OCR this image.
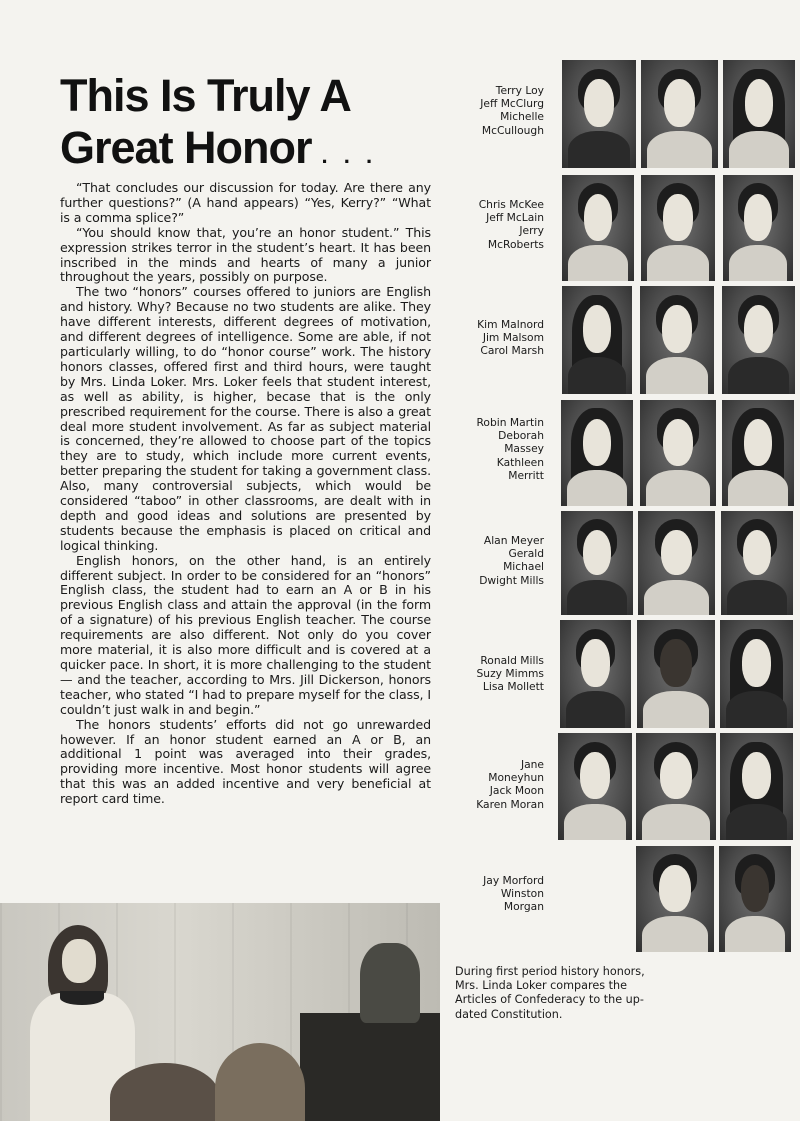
This Is Truly A
Great Honor . . .

“That concludes our discussion for today. Are there any further questions?” (A hand appears) “Yes, Kerry?” “What is a comma splice?”

“You should know that, you’re an honor student.” This expression strikes terror in the student’s heart. It has been inscribed in the minds and hearts of many a junior throughout the years, possibly on purpose.

The two “honors” courses offered to juniors are English and history. Why? Because no two students are alike. They have different interests, different degrees of motivation, and different degrees of intelligence. Some are able, if not particularly willing, to do “honor course” work. The history honors classes, offered first and third hours, were taught by Mrs. Linda Loker. Mrs. Loker feels that student interest, as well as ability, is higher, becase that is the only prescribed requirement for the course. There is also a great deal more student involvement. As far as subject material is concerned, they’re allowed to choose part of the topics they are to study, which include more current events, better preparing the student for taking a government class. Also, many controversial subjects, which would be considered “taboo” in other classrooms, are dealt with in depth and good ideas and solutions are presented by students because the emphasis is placed on critical and logical thinking.

English honors, on the other hand, is an entirely different subject. In order to be considered for an “honors” English class, the student had to earn an A or B in his previous English class and attain the approval (in the form of a signature) of his previous English teacher. The course requirements are also different. Not only do you cover more material, it is also more difficult and is covered at a quicker pace. In short, it is more challenging to the student — and the teacher, according to Mrs. Jill Dickerson, honors teacher, who stated “I had to prepare myself for the class, I couldn’t just walk in and begin.”

The honors students’ efforts did not go unrewarded however. If an honor student earned an A or B, an additional 1 point was averaged into their grades, providing more incentive. Most honor students will agree that this was an added incentive and very beneficial at report card time.

During first period history honors, Mrs. Linda Loker compares the Articles of Confederacy to the up-dated Constitution.
Terry Loy
Jeff McClurg
Michelle
McCullough
Chris McKee
Jeff McLain
Jerry
McRoberts
Kim Malnord
Jim Malsom
Carol Marsh
Robin Martin
Deborah
Massey
Kathleen
Merritt
Alan Meyer
Gerald
Michael
Dwight Mills
Ronald Mills
Suzy Mimms
Lisa Mollett
Jane
Moneyhun
Jack Moon
Karen Moran
Jay Morford
Winston
Morgan
